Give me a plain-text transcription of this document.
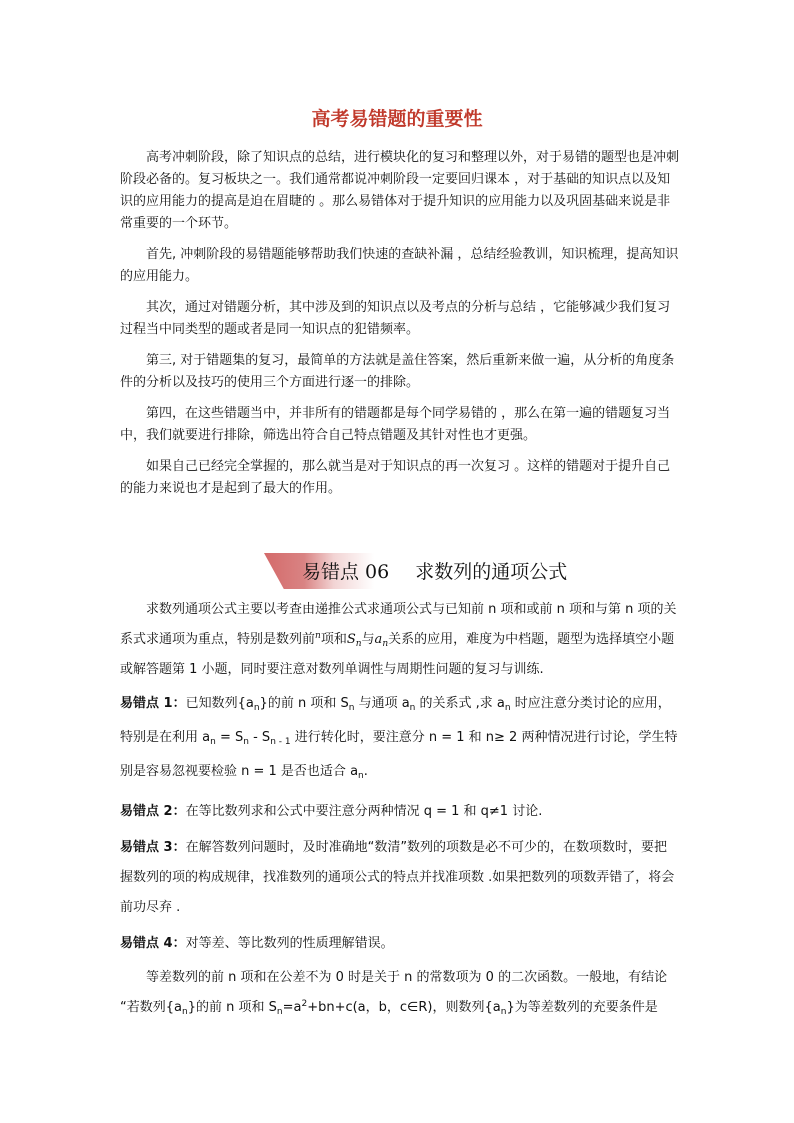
高考易错题的重要性

高考冲刺阶段，除了知识点的总结，进行模块化的复习和整理以外，对于易错的题型也是冲刺阶段必备的。复习板块之一。我们通常都说冲刺阶段一定要回归课本 ，对于基础的知识点以及知识的应用能力的提高是迫在眉睫的 。那么易错体对于提升知识的应用能力以及巩固基础来说是非常重要的一个环节。

首先, 冲刺阶段的易错题能够帮助我们快速的查缺补漏 ，总结经验教训，知识梳理，提高知识的应用能力。

其次，通过对错题分析，其中涉及到的知识点以及考点的分析与总结 ，它能够减少我们复习过程当中同类型的题或者是同一知识点的犯错频率。

第三, 对于错题集的复习，最简单的方法就是盖住答案，然后重新来做一遍，从分析的角度条件的分析以及技巧的使用三个方面进行逐一的排除。

第四，在这些错题当中，并非所有的错题都是每个同学易错的 ，那么在第一遍的错题复习当中，我们就要进行排除，筛选出符合自己特点错题及其针对性也才更强。

如果自己已经完全掌握的，那么就当是对于知识点的再一次复习 。这样的错题对于提升自己的能力来说也才是起到了最大的作用。

易错点 06 求数列的通项公式

求数列通项公式主要以考查由递推公式求通项公式与已知前 n 项和或前 n 项和与第 n 项的关系式求通项为重点，特别是数列前$^n$项和$S_n$与$a_n$关系的应用，难度为中档题，题型为选择填空小题或解答题第 1 小题，同时要注意对数列单调性与周期性问题的复习与训练.

易错点 1：已知数列$\{a_n\}$的前 n 项和 $S_n$ 与通项 $a_n$ 的关系式 ,求 $a_n$ 时应注意分类讨论的应用，特别是在利用 $a_n = S_n - S_{n - 1}$ 进行转化时，要注意分 n = 1 和 n≥ 2 两种情况进行讨论，学生特别是容易忽视要检验 n = 1 是否也适合 $a_n$.

易错点 2：在等比数列求和公式中要注意分两种情况 q = 1 和 q≠1 讨论.

易错点 3：在解答数列问题时，及时准确地“数清”数列的项数是必不可少的，在数项数时，要把握数列的项的构成规律，找准数列的通项公式的特点并找准项数 .如果把数列的项数弄错了，将会前功尽弃 .

易错点 4：对等差、等比数列的性质理解错误。

等差数列的前 n 项和在公差不为 0 时是关于 n 的常数项为 0 的二次函数。一般地，有结论 “若数列$\{a_n\}$的前 n 项和 $S_n=a^2+bn+c(a$，b，c∈R)，则数列$\{a_n\}$为等差数列的充要条件是
